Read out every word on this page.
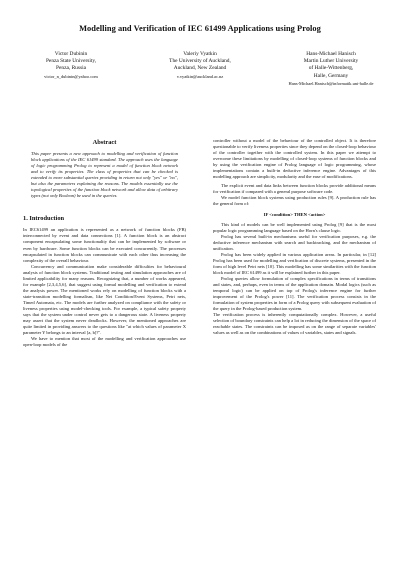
Modelling and Verification of IEC 61499 Applications using Prolog
Victor Dubinin
Penza State University,
Penza, Russia
victor_n_dubinin@yahoo.com
Valeriy Vyatkin
The University of Auckland,
Auckland, New Zealand
v.vyatkin@auckland.ac.nz
Hans-Michael Hanisch
Martin Luther University
of Halle-Wittenberg,
Halle, Germany
Hans-Michael.Hanisch@informatik.uni-halle.de
Abstract

This paper presents a new approach to modelling and verification of function block applications of the IEC 61499 standard. The approach uses the language of logic programming Prolog to represent a model of function block network and to verify its properties. The class of properties that can be checked is extended to more substantial queries providing in return not only "yes" or "no", but also the parameters explaining the reasons. The models essentially use the topological properties of the function block network and allow data of arbitrary types (not only Boolean) be used in the queries.

1. Introduction

In IEC61499 an application is represented as a network of function blocks (FB) interconnected by event and data connections [1]. A function block is an abstract component encapsulating some functionality that can be implemented by software or even by hardware. Some function blocks can be executed concurrently. The processes encapsulated in function blocks can communicate with each other thus increasing the complexity of the overall behaviour.

Concurrency and communication make considerable difficulties for behavioural analysis of function block systems. Traditional testing and simulation approaches are of limited applicability for many reasons. Recognizing that, a number of works appeared, for example [2,3,4,5,6], that suggest using formal modelling and verification to extend the analysis power. The mentioned works rely on modelling of function blocks with a state-transition modelling formalism, like Net Condition/Event Systems, Petri nets, Timed Automata, etc. The models are further analyzed on compliance with the safety or liveness properties using model-checking tools. For example, a typical safety property says that the system under control never gets to a dangerous state. A liveness property may assert that the system never deadlocks. However, the mentioned approaches are quite limited in providing answers to the questions like "at which values of parameter X parameter Y belongs to an interval [a, b]?".

We have to mention that most of the modelling and verification approaches use open-loop models of the

controller without a model of the behaviour of the controlled object. It is therefore questionable to verify liveness properties since they depend on the closed-loop behaviour of the controller together with the controlled system. In this paper we attempt to overcome these limitations by modelling of closed-loop systems of function blocks and by using the verification engine of Prolog language of logic programming, whose implementations contain a built-in deductive inference engine. Advantages of this modelling approach are simplicity, modularity and the ease of modifications.

The explicit event and data links between function blocks provide additional means for verification if compared with a general purpose software code.

We model function block systems using production rules [9]. A production rule has the general form of:

IF <condition> THEN <action>

This kind of models can be well implemented using Prolog [9] that is the most popular logic programming language based on the Horn's clause logic.

Prolog has several built-in mechanisms useful for verification purposes, e.g. the deductive inference mechanism with search and backtracking, and the mechanism of unification.

Prolog has been widely applied in various application areas. In particular, in [12] Prolog has been used for modelling and verification of discrete systems, presented in the form of high level Petri nets [10]. This modelling has some similarities with the function block model of IEC 61499 as it will be explained further in this paper.

Prolog queries allow formulation of complex specifications in terms of transitions and states, and, perhaps, even in terms of the application domain. Modal logics (such as temporal logic) can be applied on top of Prolog's inference engine for further improvement of the Prolog's power [11]. The verification process consists in the formulation of system properties in form of a Prolog query with subsequent evaluation of the query in the Prolog-based production system.

The verification process is inherently computationally complex. However, a useful selection of boundary constraints can help a lot in reducing the dimension of the space of reachable states. The constraints can be imposed as on the range of separate variables' values as well as on the combinations of values of variables, states and signals.
